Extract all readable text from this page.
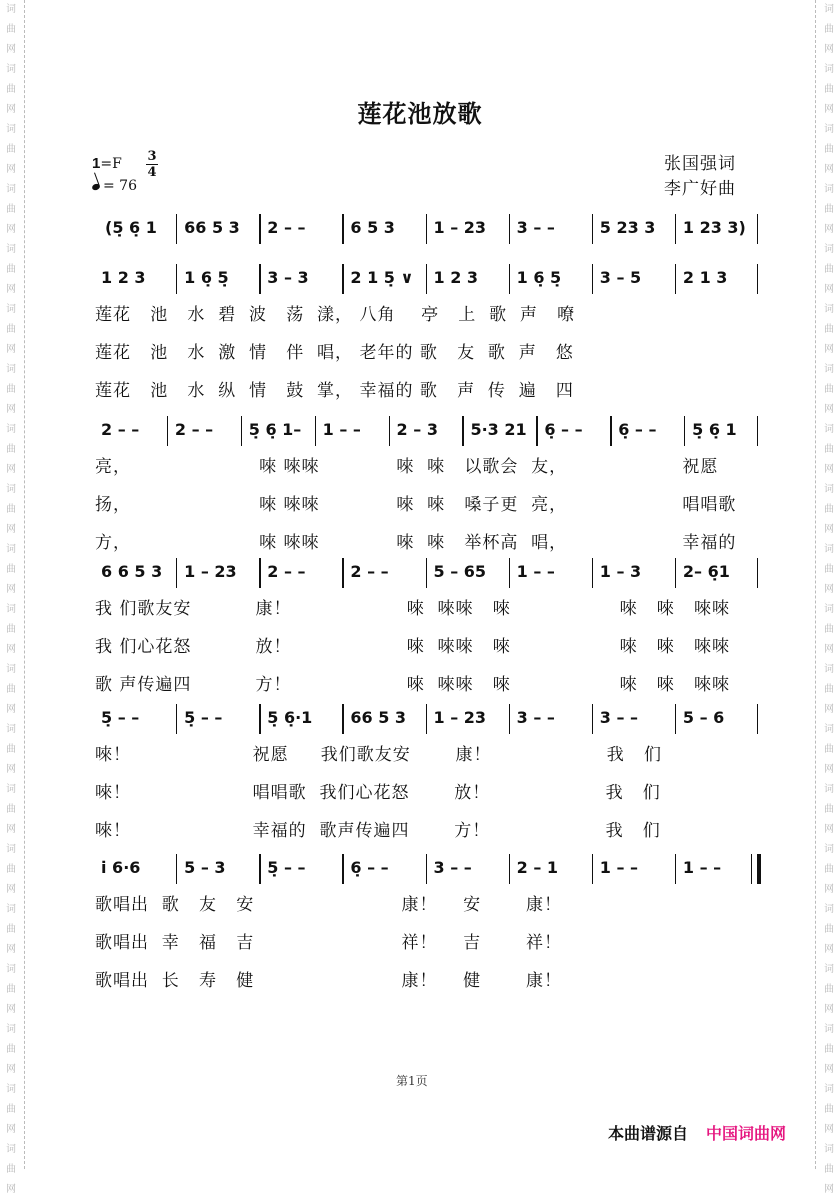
词
曲
网
词
曲
网
词
曲
网
词
曲
网
词
曲
网
词
曲
网
词
曲
网
词
曲
网
词
曲
网
词
曲
网
词
曲
网
词
曲
网
词
曲
网
词
曲
网
词
曲
网
词
曲
网
词
曲
网
词
曲
网
词
曲
网
词
曲
网
词
曲
网
词
曲
网
词
曲
网
词
曲
网
词
曲
网
词
曲
网
词
曲
网
词
曲
网
词
曲
网
词
曲
网
词
曲
网
词
曲
网
词
曲
网
词
曲
网
词
曲
网
词
曲
网
词
曲
网
词
曲
网
词
曲
网
词
曲
网
莲花池放歌
1=F
= 76
3
4	张国强词
李广好曲
(5̣ 6̣ 1 66 5 3 2 – –	6 5 3 1 – 23 3 – –	5 23 3 1 23 3)
1 2 3 1 6̣ 5̣ 3 – 3	2 1 5̣ ∨ 1 2 3 1 6̣ 5̣ 3 – 5	2 1 3
莲花   池   水  碧  波   荡  漾， 八角    亭   上  歌  声   嘹
莲花   池   水  激  情   伴  唱， 老年的 歌   友  歌  声   悠
莲花   池   水  纵  情   鼓  掌， 幸福的 歌   声  传  遍   四
2 – – 2 – – 5̣ 6̣ 1– 1 – – 2 – 3 5·3 21 6̣ – – 6̣ – – 5̣ 6̣ 1
亮，                    唻 唻唻            唻  唻   以歌会  友，                  祝愿
扬，                    唻 唻唻            唻  唻   嗓子更  亮，                  唱唱歌
方，                    唻 唻唻            唻  唻   举杯高  唱，                  幸福的
6 6 5 3 1 – 23 2 – –	2 – –	5 – 65 1 – –	1 – 3	2– 6̣1
我 们歌友安          康！                  唻  唻唻   唻                 唻   唻   唻唻
我 们心花怒          放！                  唻  唻唻   唻                 唻   唻   唻唻
歌 声传遍四          方！                  唻  唻唻   唻                 唻   唻   唻唻
5̣ – –	5̣ – –	5̣ 6̣·1 66 5 3 1 – 23 3 – –	3 – –	5 – 6
唻！                   祝愿     我们歌友安       康！                  我   们
唻！                   唱唱歌  我们心花怒       放！                  我   们
唻！                   幸福的  歌声传遍四       方！                  我   们
i̇ 6·6	5 – 3	5̣ – –	6̣ – –	3 – –	2 – 1	1 – –	1 – –
歌唱出  歌   友   安                       康！    安       康！
歌唱出  幸   福   吉                       祥！    吉       祥！
歌唱出  长   寿   健                       康！    健       康！
第1页
本曲谱源自 中国词曲网
